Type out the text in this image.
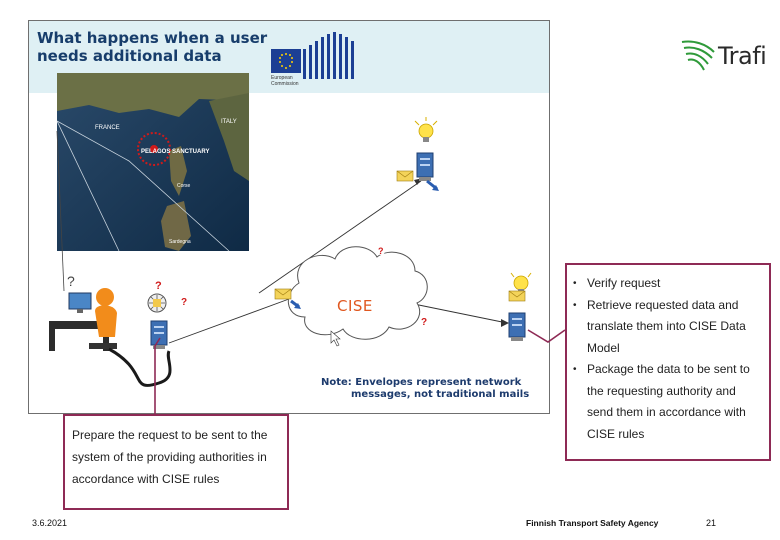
What happens when a user needs additional data
European Commission
FRANCE
ITALY
PELAGOS SANCTUARY
Corse
Sardegna
?
?
?
?
?
CISE
Note: Envelopes represent network
messages, not traditional mails
Trafi
• Verify request
• Retrieve requested data and translate them into CISE Data Model
• Package the data to be sent to the requesting authority and send them in accordance with CISE rules

Prepare the request to be sent to the system of the providing authorities in accordance with CISE rules

3.6.2021	Finnish Transport Safety Agency	21
